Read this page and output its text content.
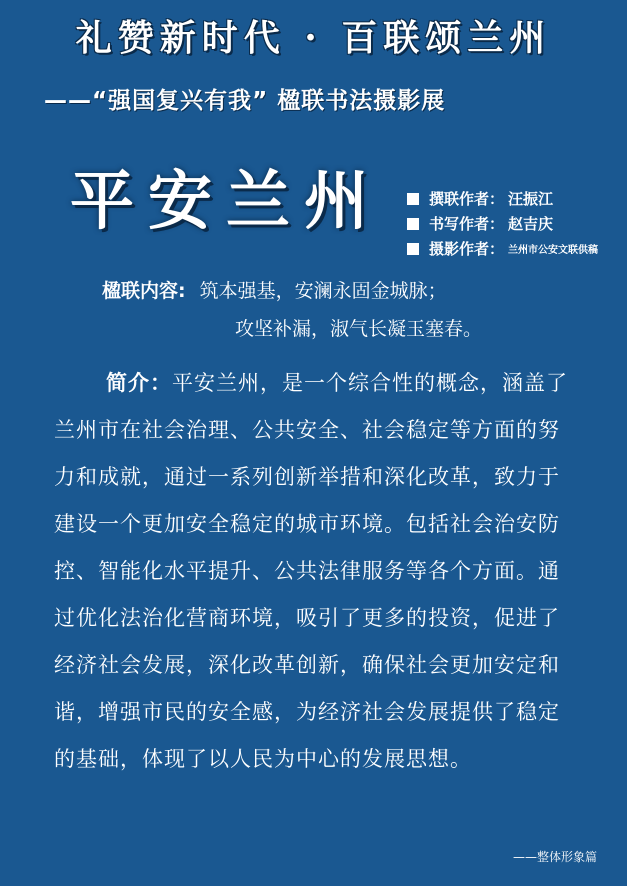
礼赞新时代 · 百联颂兰州
——“强国复兴有我” 楹联书法摄影展
平安兰州	撰联作者： 汪振江
书写作者： 赵吉庆
摄影作者： 兰州市公安文联供稿
楹联内容: 筑本强基，安澜永固金城脉；
攻坚补漏，淑气长凝玉塞春。

简介：平安兰州，是一个综合性的概念，涵盖了兰州市在社会治理、公共安全、社会稳定等方面的努力和成就，通过一系列创新举措和深化改革，致力于建设一个更加安全稳定的城市环境。包括社会治安防控、智能化水平提升、公共法律服务等各个方面。通过优化法治化营商环境，吸引了更多的投资，促进了经济社会发展，深化改革创新，确保社会更加安定和谐，增强市民的安全感，为经济社会发展提供了稳定的基础，体现了以人民为中心的发展思想。

——整体形象篇
